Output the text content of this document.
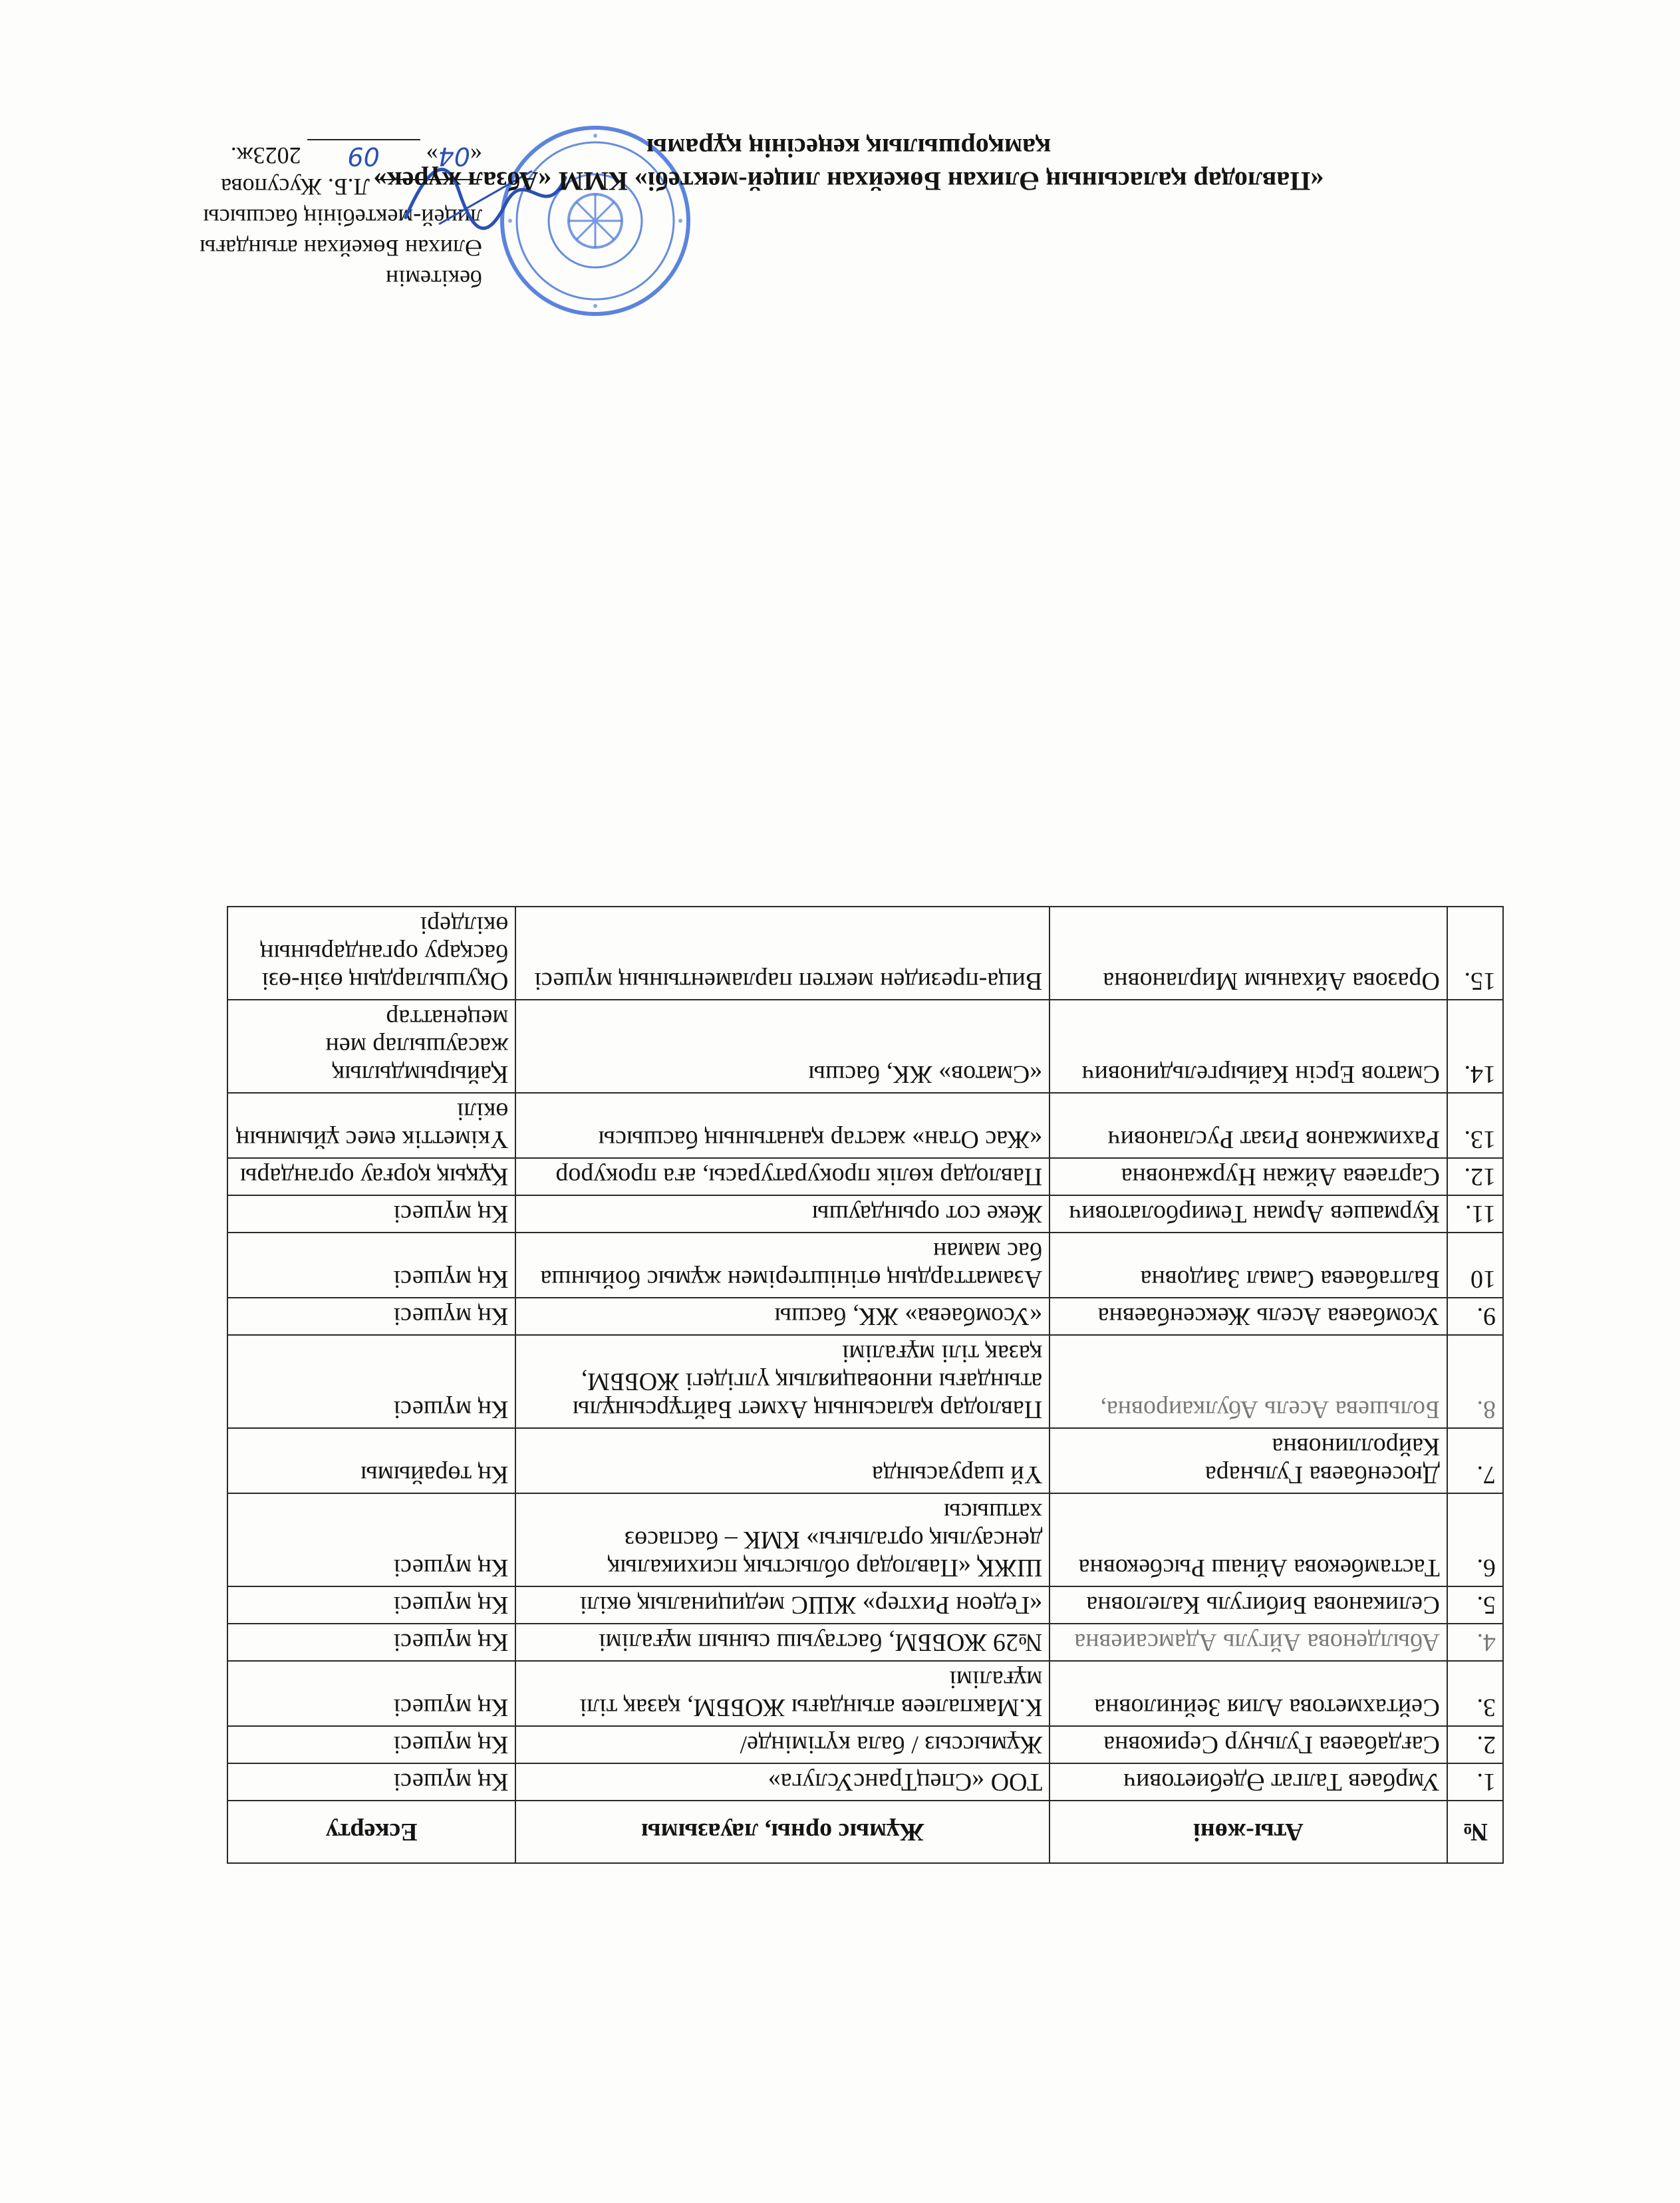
бекітемін
Әлихан Бөкейхан атындағы
лицей-мектебінің басшысы
Л.Б. Жусупова
«04» 09 2023ж.
«Павлодар қаласының Әлихан Бөкейхан лицей-мектебі» КММ «Абзал жүрек»
қамқоршылық кеңесінің құрамы
№	Аты-жөні	Жұмыс орны, лауазымы	Ескерту
1.	Умрбаев Талгат Әдебиетович	ТОО «СпецТрансУслуга»	Кң мүшесі
2.	Сағдабаева Гульнур Сериковна	Жұмыссыз / бала күтімінде/	Кң мүшесі
3.	Сейтахметова Алия Зейниловна	К.Макпалеев атындағы ЖОББМ, қазақ тілі мұғалімі	Кң мүшесі
4.	Абылденова Айгуль Адамсаиевна	№29 ЖОББМ, бастауыш сынып мұғалімі	Кң мүшесі
5.	Селиканова Бибигуль Калеловна	«Гедеон Рихтер» ЖШС медициналық өкілі	Кң мүшесі
6.	Тастамбекова Айнаш Рысбековна	ШЖҚ «Павлодар облыстық психикалық денсаулық орталығы» КМК – баспасөз хатшысы	Кң мүшесі
7.	Дюсенбаева Гульнара Кайроллиновна	Үй шаруасында	Кң төрайымы
8.	Большева Асель Абулкаировна,	Павлодар қаласының Ахмет Байтұрсынұлы атындағы инновациялық үлгідегі ЖОББМ, қазақ тілі мұғалімі	Кң мүшесі
9.	Усомбаева Асель Жексенбаевна	«Усомбаева» ЖК, басшы	Кң мүшесі
10	Балтабаева Самал Заидовна	Азаматтардың өтініштерімен жұмыс бойынша бас маман	Кң мүшесі
11.	Курмашев Арман Темирболатович	Жеке сот орындаушы	Кң мүшесі
12.	Сартаева Айжан Нуржановна	Павлодар көлік прокуратурасы, аға прокурор	Құқық қорғау органдары
13.	Рахимжанов Ризат Русланович	«Жас Отан» жастар қанатының басшысы	Үкіметтік емес ұйымның өкілі
14.	Сматов Ерсін Кайыргельдинович	«Сматов» ЖК, басшы	Қайырымдылық жасаушылар мен меценаттар
15.	Оразова Айханым Мирлановна	Вица-президен мектеп парламентының мүшесі	Оқушылардың өзін-өзі басқару органдарының өкілдері
